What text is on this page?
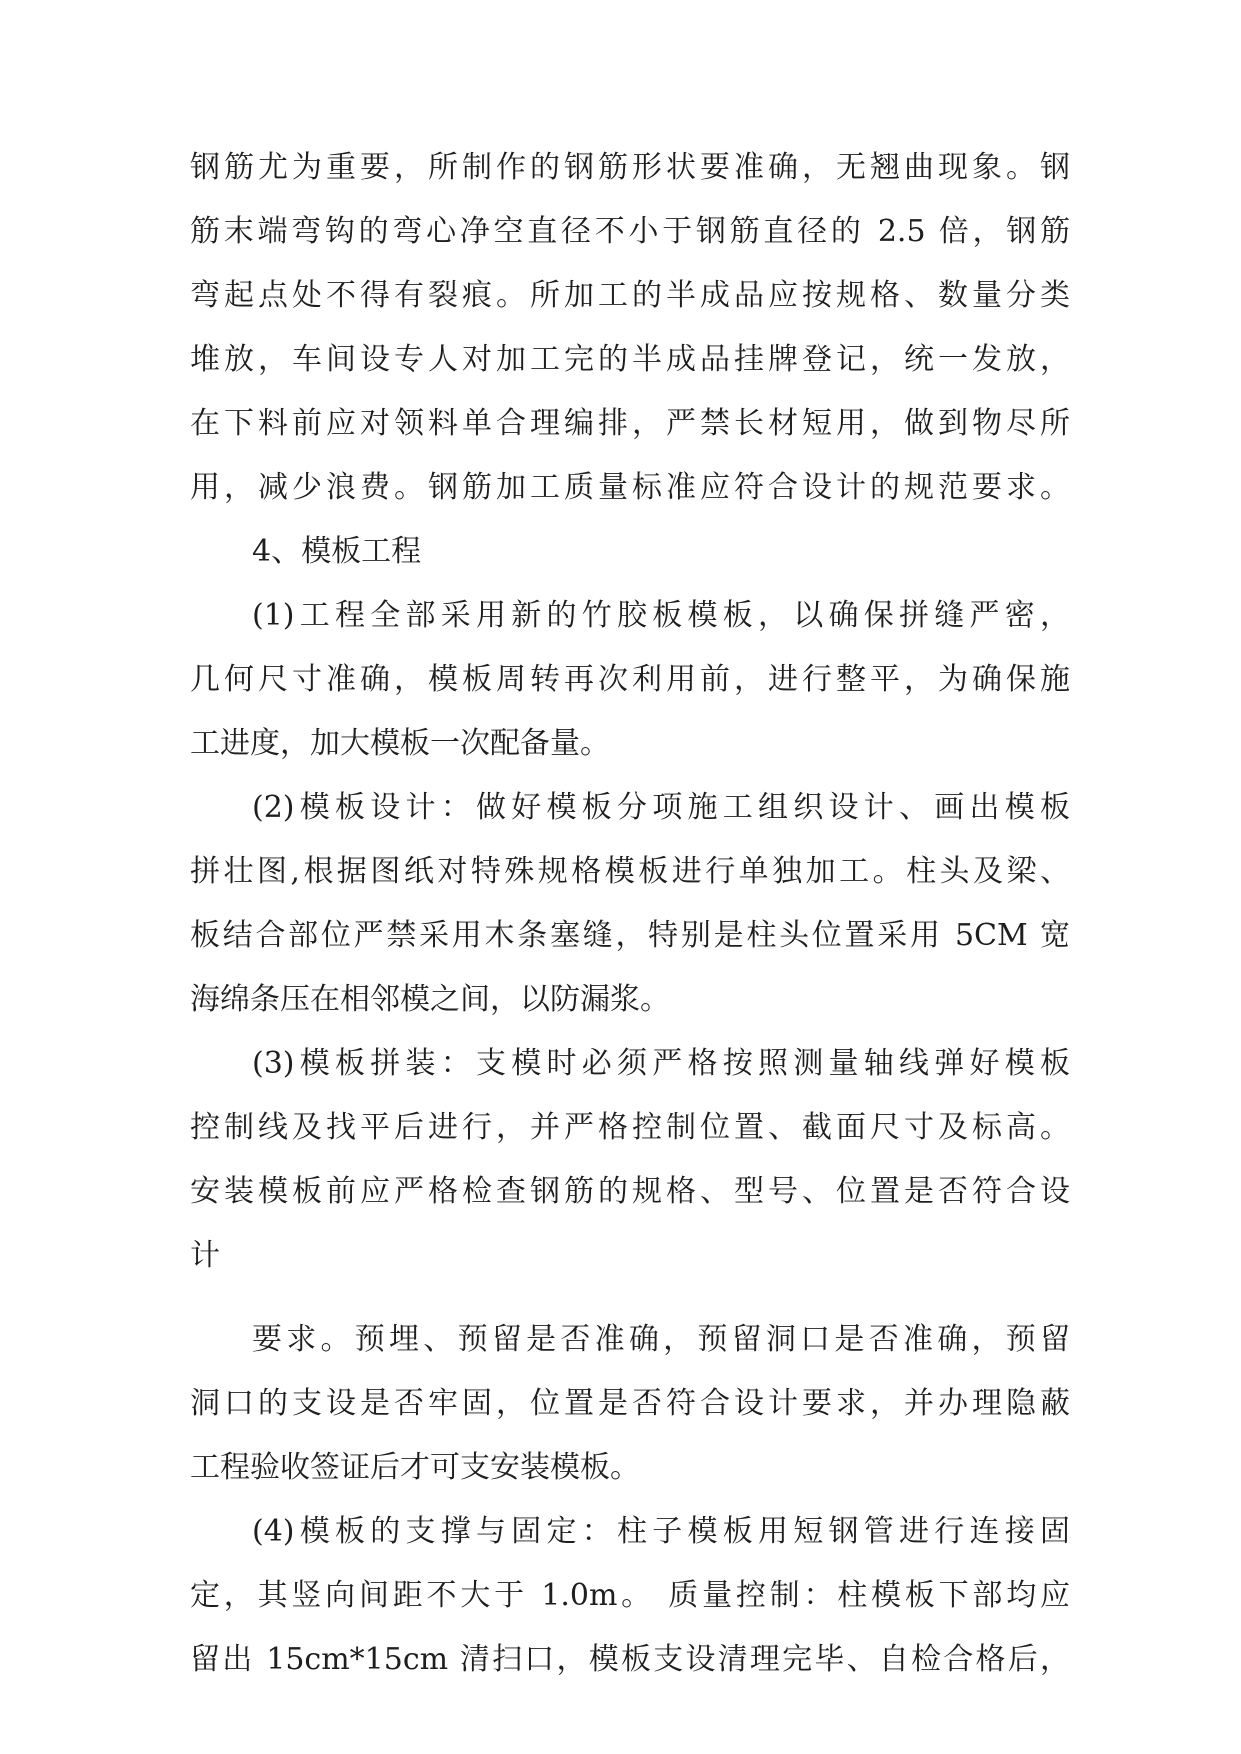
钢筋尤为重要，所制作的钢筋形状要准确，无翘曲现象。钢
筋末端弯钩的弯心净空直径不小于钢筋直径的 2.5 倍，钢筋
弯起点处不得有裂痕。所加工的半成品应按规格、数量分类
堆放，车间设专人对加工完的半成品挂牌登记，统一发放，
在下料前应对领料单合理编排，严禁长材短用，做到物尽所
用，减少浪费。钢筋加工质量标准应符合设计的规范要求。
4、模板工程
(1)工程全部采用新的竹胶板模板，以确保拼缝严密，
几何尺寸准确，模板周转再次利用前，进行整平，为确保施
工进度，加大模板一次配备量。
(2)模板设计：做好模板分项施工组织设计、画出模板
拼壮图,根据图纸对特殊规格模板进行单独加工。柱头及梁、
板结合部位严禁采用木条塞缝，特别是柱头位置采用 5CM 宽
海绵条压在相邻模之间，以防漏浆。
(3)模板拼装：支模时必须严格按照测量轴线弹好模板
控制线及找平后进行，并严格控制位置、截面尺寸及标高。
安装模板前应严格检查钢筋的规格、型号、位置是否符合设
计
要求。预埋、预留是否准确，预留洞口是否准确，预留
洞口的支设是否牢固，位置是否符合设计要求，并办理隐蔽
工程验收签证后才可支安装模板。
(4)模板的支撑与固定：柱子模板用短钢管进行连接固
定，其竖向间距不大于 1.0m。 质量控制：柱模板下部均应
留出 15cm*15cm 清扫口，模板支设清理完毕、自检合格后，
